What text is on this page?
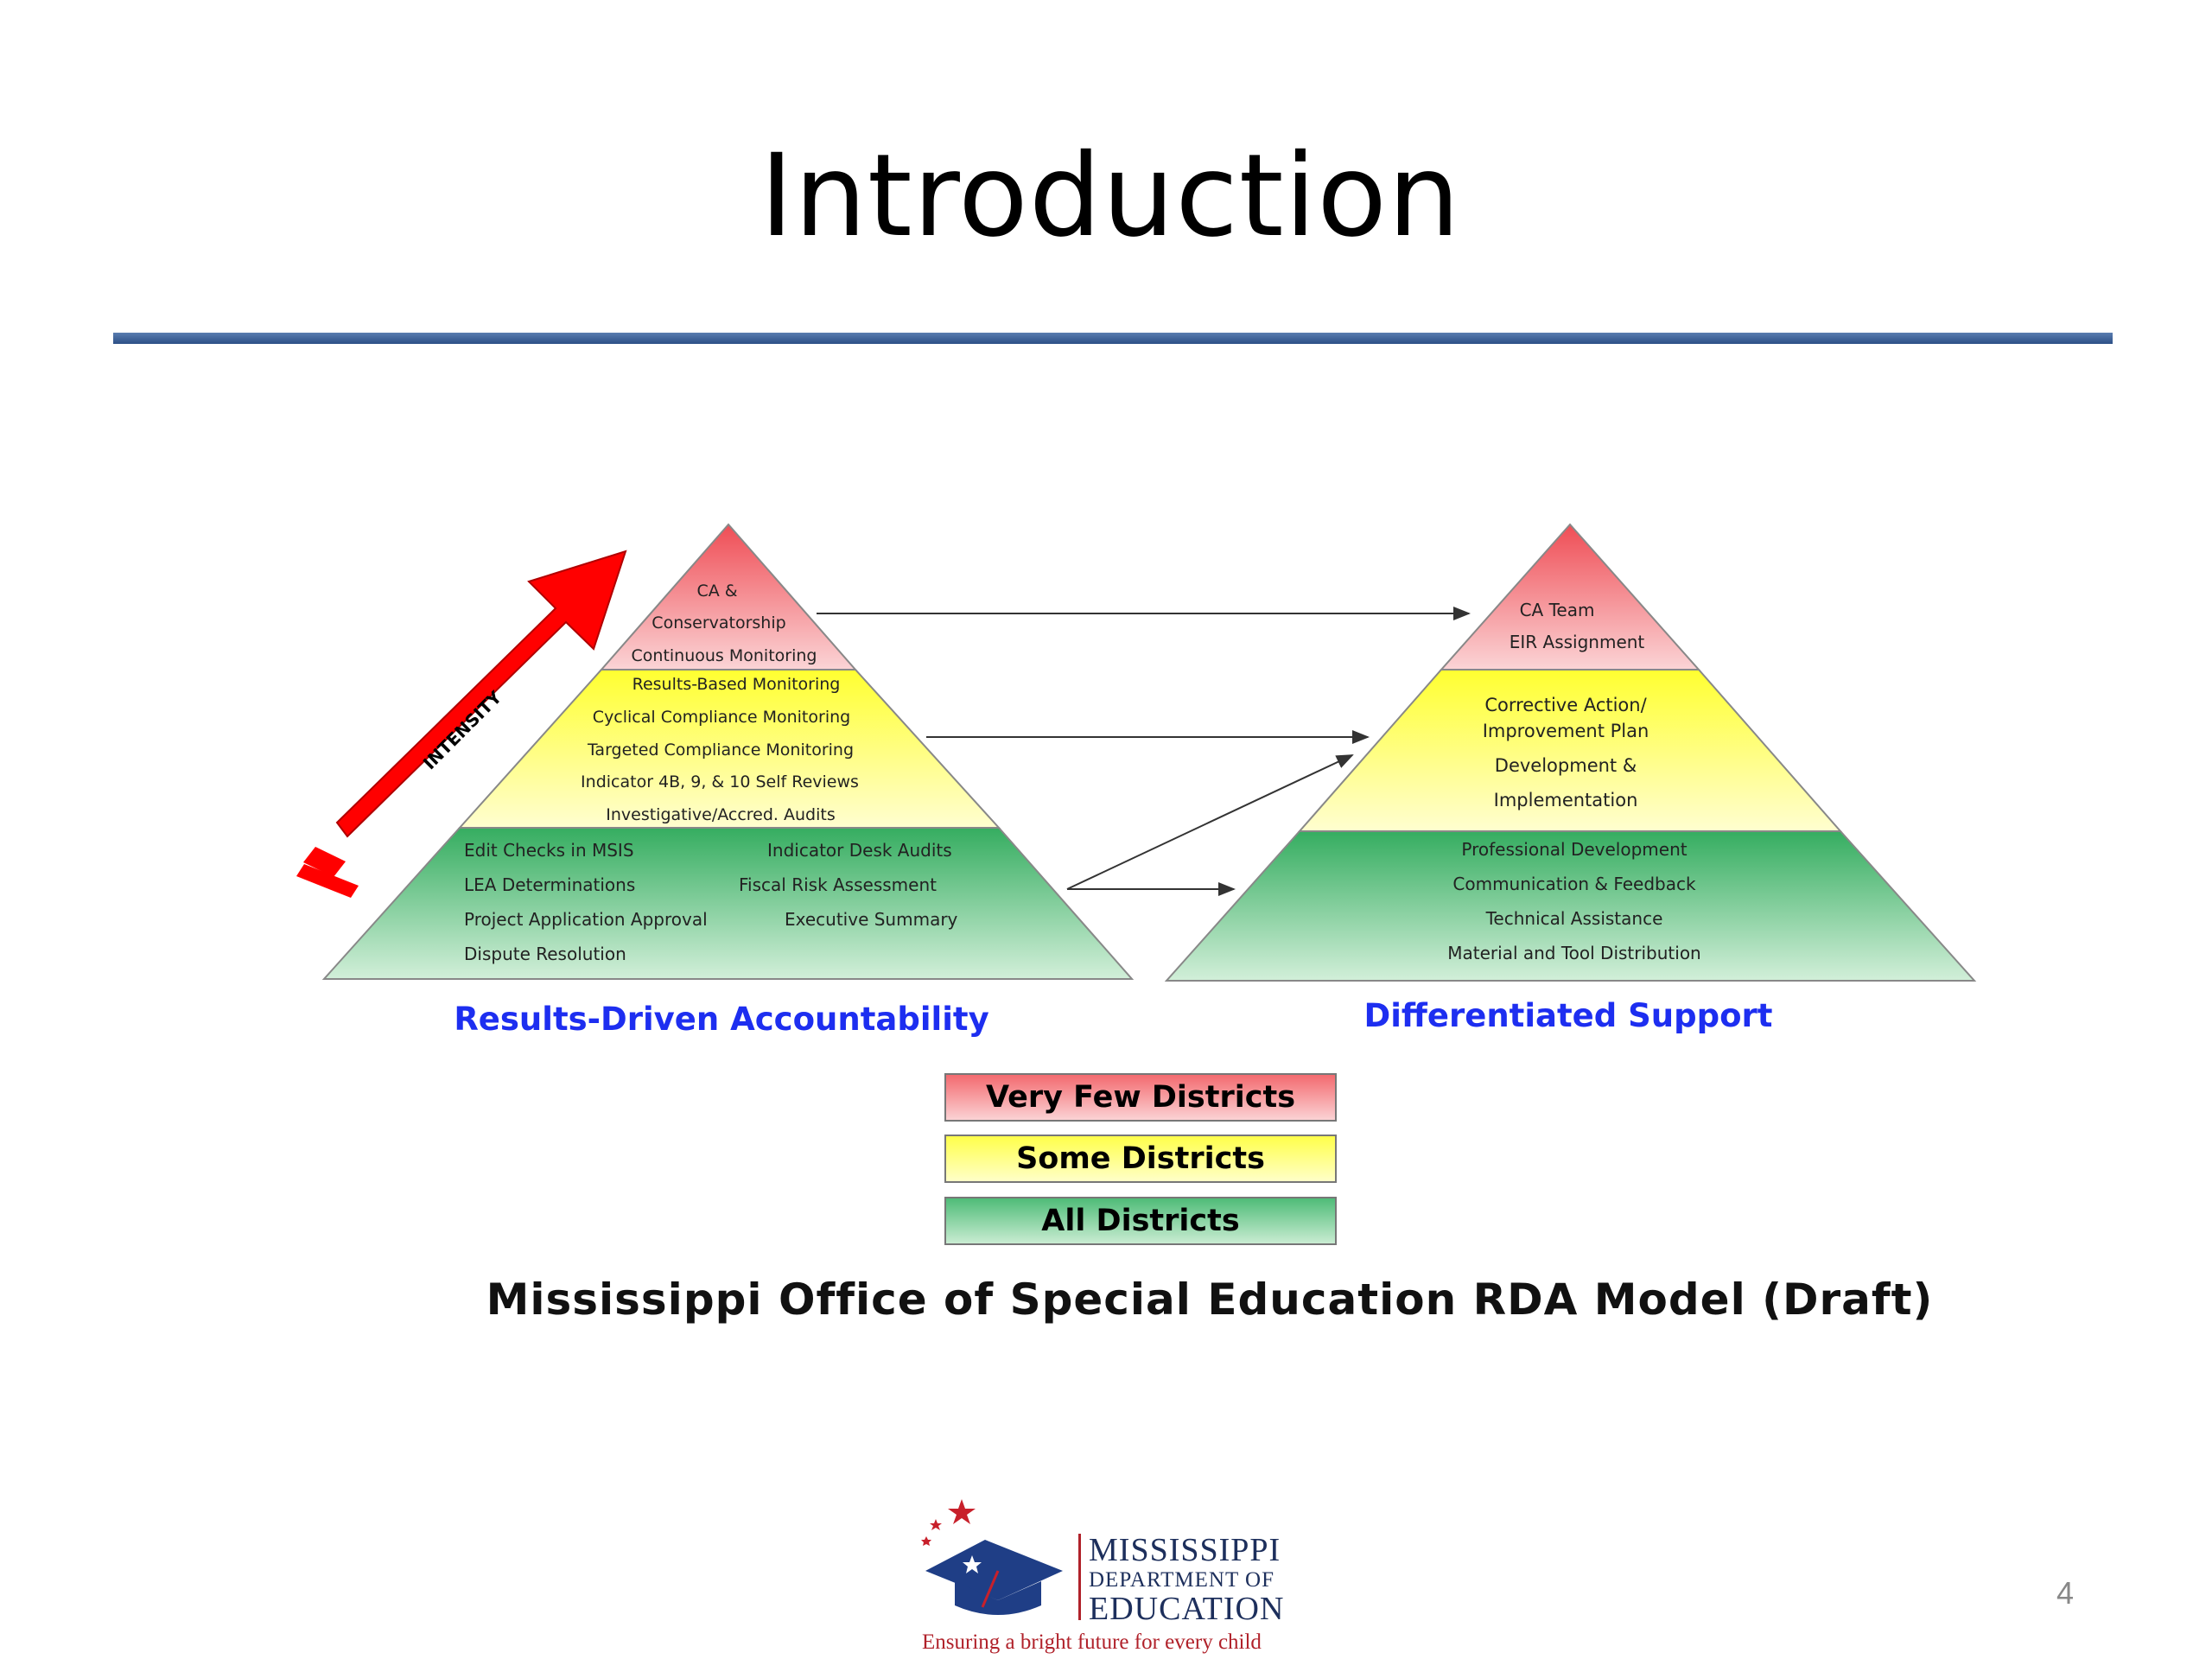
Introduction
INTENSITY
CA &
Conservatorship
Continuous Monitoring
Results-Based Monitoring
Cyclical Compliance Monitoring
Targeted Compliance Monitoring
Indicator 4B, 9, & 10 Self Reviews
Investigative/Accred. Audits
Edit Checks in MSIS
LEA Determinations
Project Application Approval
Dispute Resolution
Indicator Desk Audits
Fiscal Risk Assessment
Executive Summary
CA Team
EIR Assignment
Corrective Action/
Improvement Plan
Development &
Implementation
Professional Development
Communication & Feedback
Technical Assistance
Material and Tool Distribution
Results-Driven Accountability	Differentiated Support
Very Few Districts
Some Districts
All Districts
Mississippi Office of Special Education RDA Model (Draft)
MISSISSIPPI
DEPARTMENT OF
EDUCATION
Ensuring a bright future for every child
4
